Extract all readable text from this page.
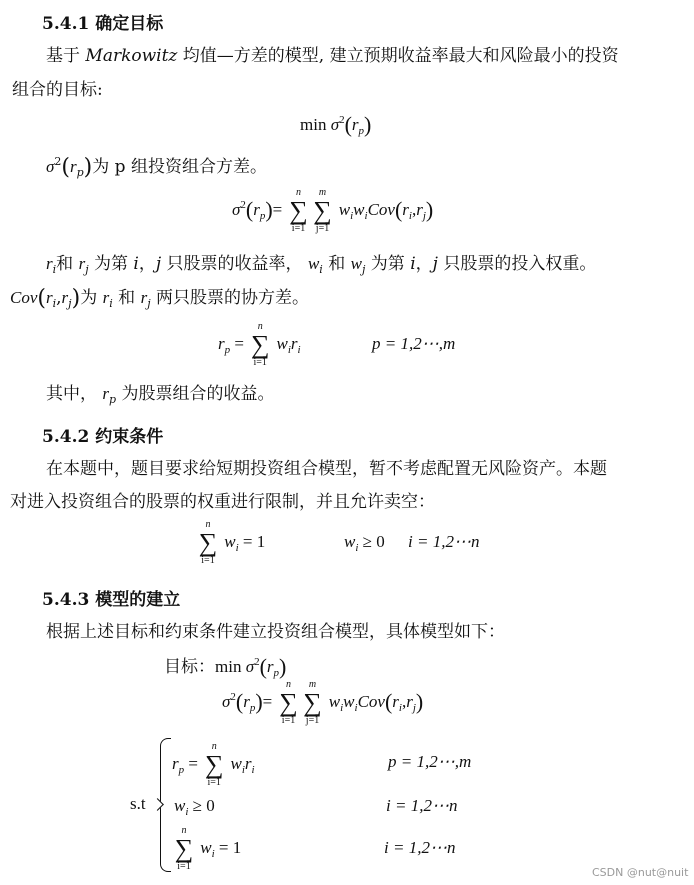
5.4.1 确定目标
基于 Markowitz 均值—方差的模型, 建立预期收益率最大和风险最小的投资
组合的目标:
$\min \sigma^2(r_p)$
$\sigma^2(r_p)$为 p 组投资组合方差。
$\sigma^2(r_p)=$
n
∑
i=1
m
∑
j=1
$w_iw_iCov(r_i,r_j)$
$r_i$和 $r_j$ 为第 i，j 只股票的收益率， $w_i$ 和 $w_j$ 为第 i，j 只股票的投入权重。
$Cov(r_i,r_j)$为 $r_i$ 和 $r_j$ 两只股票的协方差。
$r_p$ =
n
∑
i=1
$w_ir_i$	p = 1,2⋯,m
其中， $r_p$ 为股票组合的收益。
5.4.2 约束条件
在本题中，题目要求给短期投资组合模型，暂不考虑配置无风险资产。本题
对进入投资组合的股票的权重进行限制，并且允许卖空：
n
∑
i=1
$w_i = 1$	$w_i \ge 0$ i = 1,2⋯n
5.4.3 模型的建立
根据上述目标和约束条件建立投资组合模型，具体模型如下：
目标：$\min \sigma^2(r_p)$
$\sigma^2(r_p)=$
n
∑
i=1
m
∑
j=1
$w_iw_iCov(r_i,r_j)$
s.t
$r_p$ =
n
∑
i=1
$w_ir_i$	p = 1,2⋯,m
$w_i \ge 0$	i = 1,2⋯n
n
∑
i=1
$w_i = 1$	i = 1,2⋯n
CSDN @nut@nuit
